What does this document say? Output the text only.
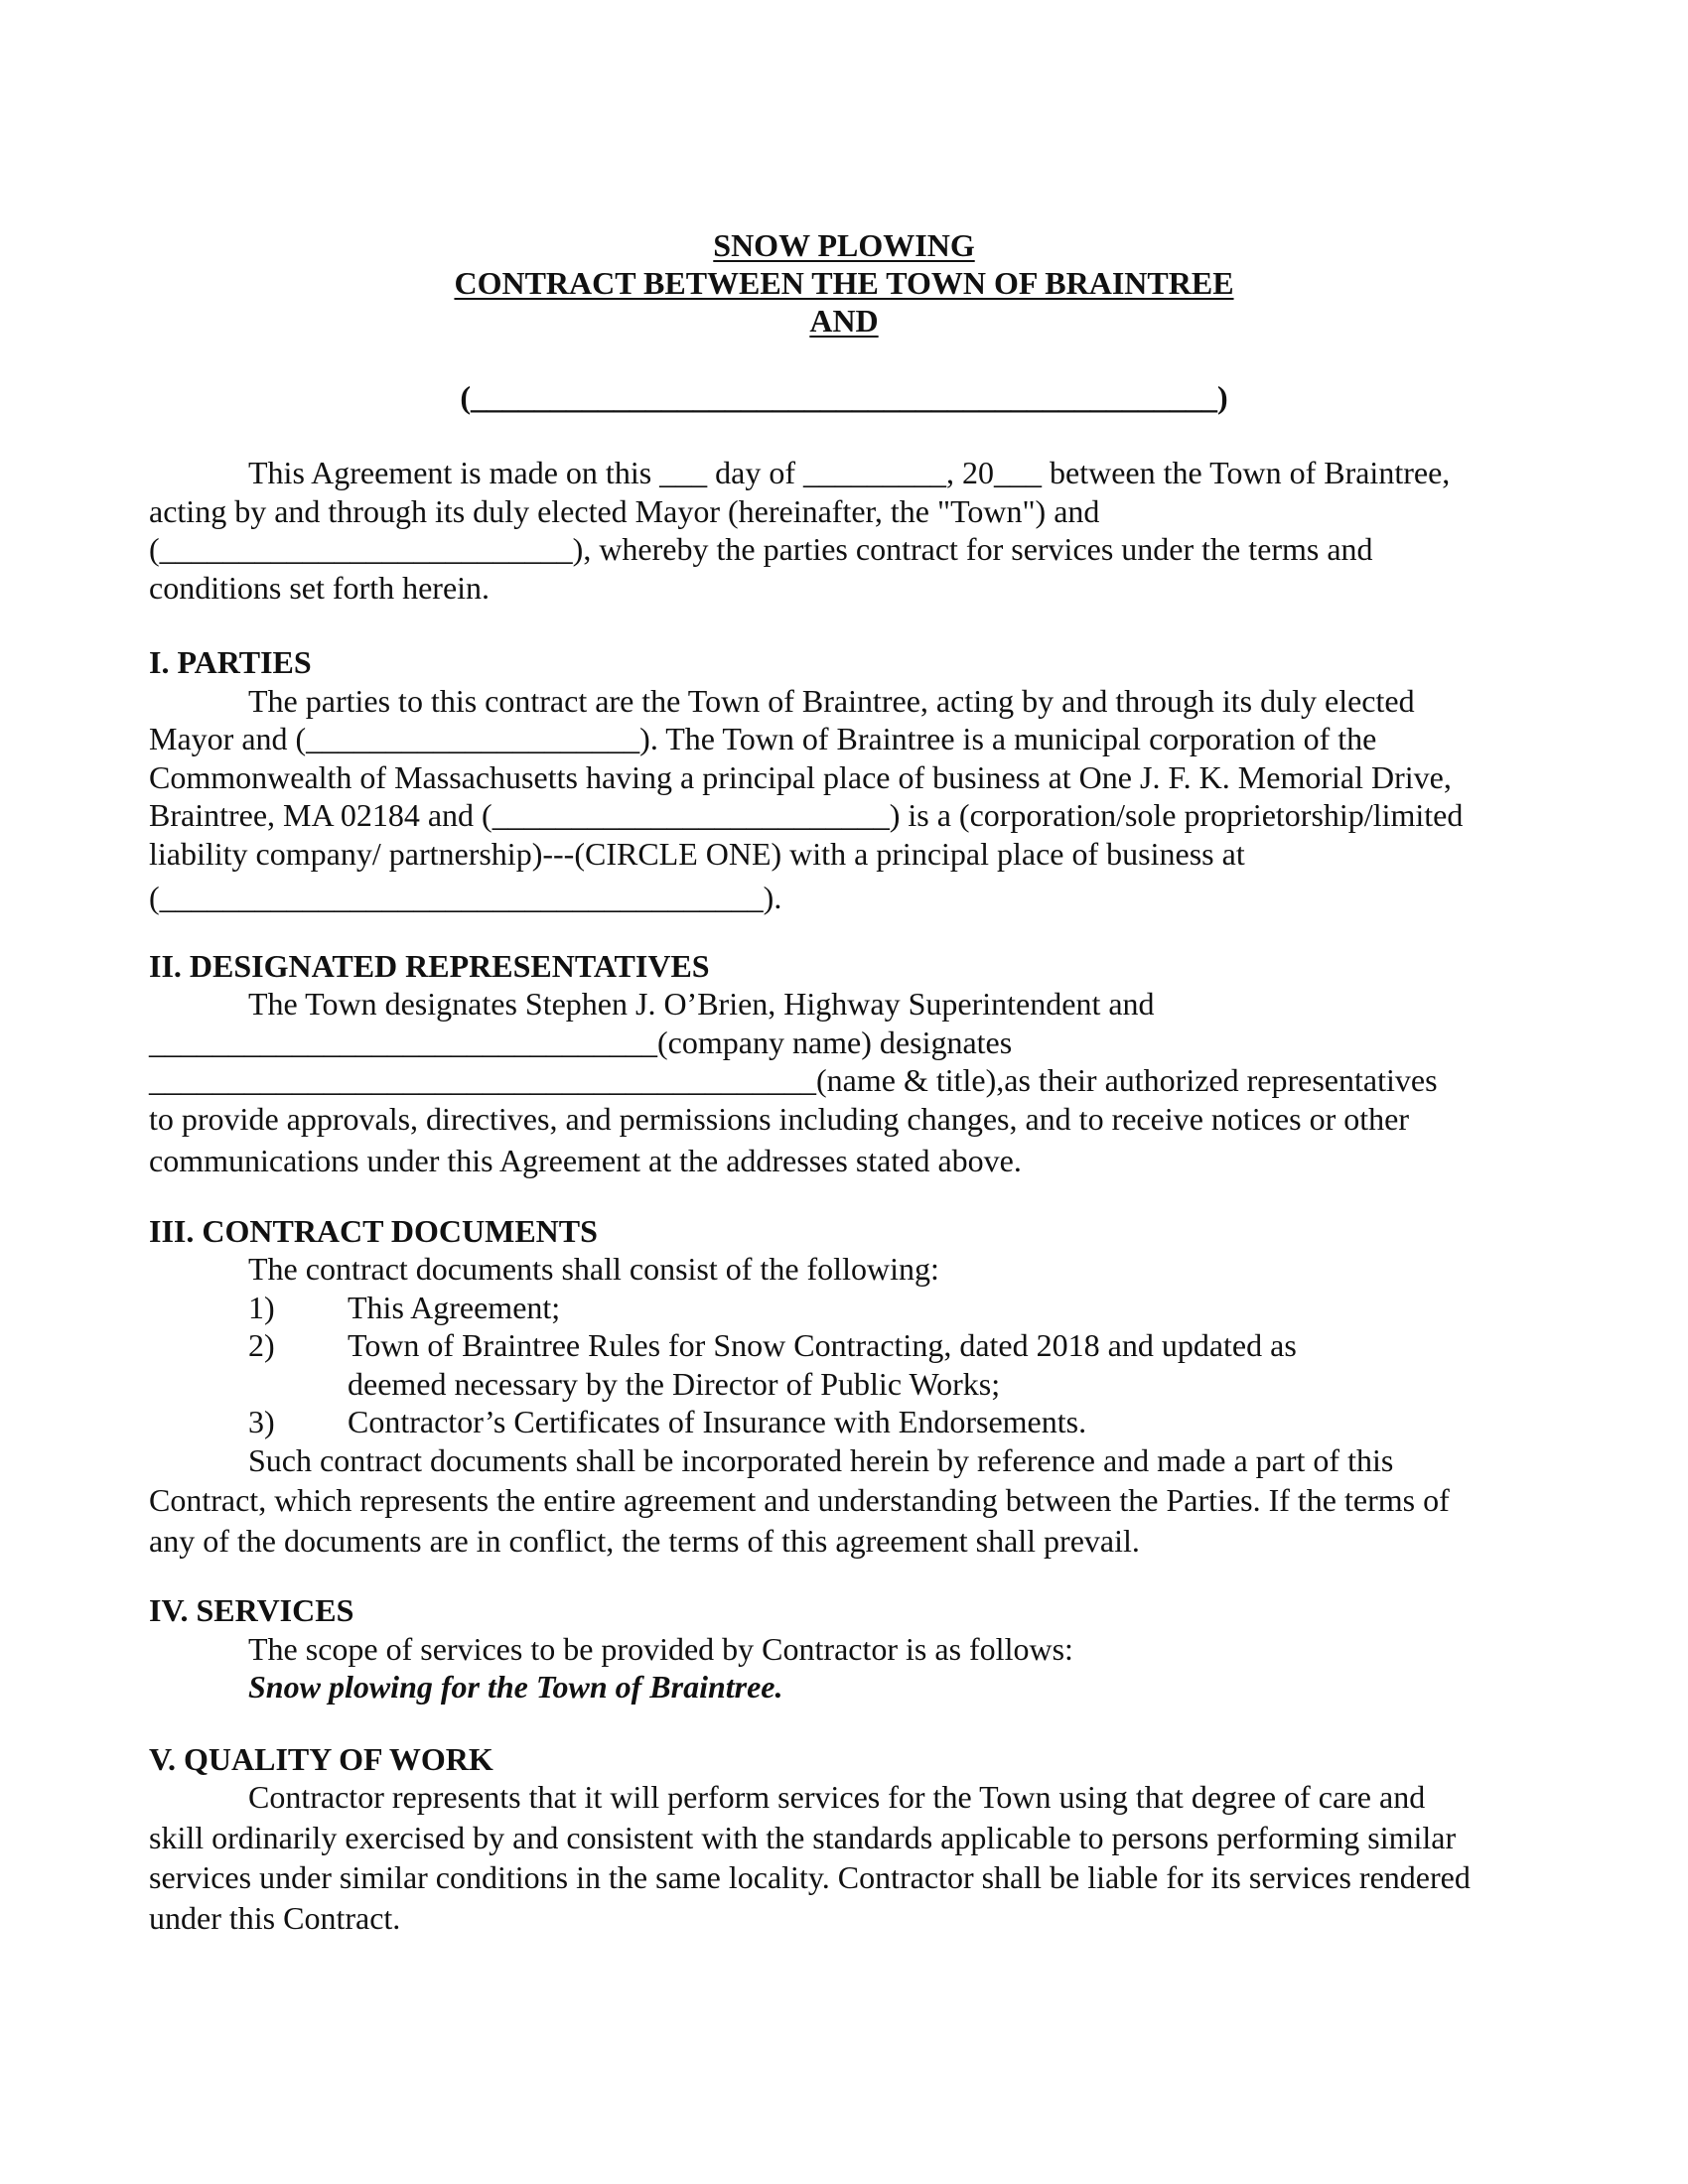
SNOW PLOWING
CONTRACT BETWEEN THE TOWN OF BRAINTREE
AND
(_______________________________________________)
This Agreement is made on this ___ day of _________, 20___ between the Town of Braintree,
acting by and through its duly elected Mayor (hereinafter, the "Town") and
(__________________________), whereby the parties contract for services under the terms and
conditions set forth herein.

I. PARTIES

The parties to this contract are the Town of Braintree, acting by and through its duly elected
Mayor and (_____________________). The Town of Braintree is a municipal corporation of the
Commonwealth of Massachusetts having a principal place of business at One J. F. K. Memorial Drive,
Braintree, MA 02184 and (_________________________) is a (corporation/sole proprietorship/limited
liability company/ partnership)---(CIRCLE ONE) with a principal place of business at
(______________________________________).

II. DESIGNATED REPRESENTATIVES

The Town designates Stephen J. O’Brien, Highway Superintendent and
________________________________(company name) designates
__________________________________________(name & title),as their authorized representatives
to provide approvals, directives, and permissions including changes, and to receive notices or other
communications under this Agreement at the addresses stated above.

III. CONTRACT DOCUMENTS

The contract documents shall consist of the following:
1)	This Agreement;
2)	Town of Braintree Rules for Snow Contracting, dated 2018 and updated as
deemed necessary by the Director of Public Works;
3)	Contractor’s Certificates of Insurance with Endorsements.
Such contract documents shall be incorporated herein by reference and made a part of this
Contract, which represents the entire agreement and understanding between the Parties. If the terms of
any of the documents are in conflict, the terms of this agreement shall prevail.

IV. SERVICES

The scope of services to be provided by Contractor is as follows:
Snow plowing for the Town of Braintree.

V. QUALITY OF WORK

Contractor represents that it will perform services for the Town using that degree of care and
skill ordinarily exercised by and consistent with the standards applicable to persons performing similar
services under similar conditions in the same locality. Contractor shall be liable for its services rendered
under this Contract.
